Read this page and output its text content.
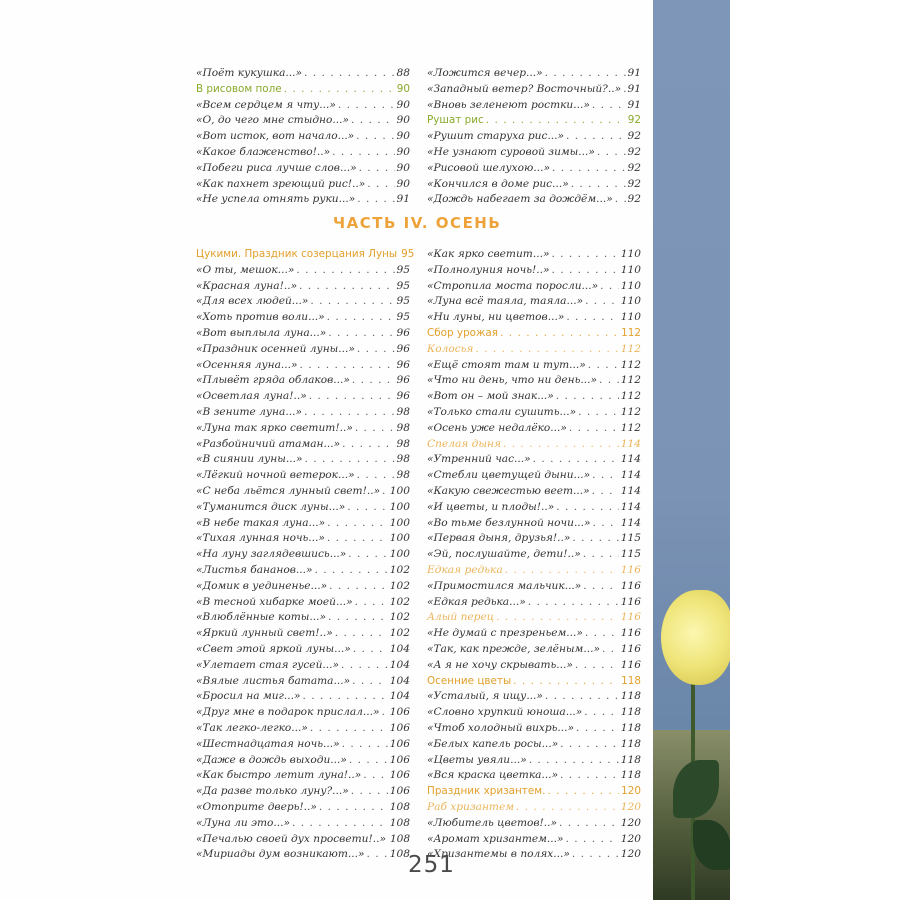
«Поёт кукушка...» . . .	88
В рисовом поле . . .	90
«Всем сердцем я чту...» . . .	90
«О, до чего мне стыдно...» . . .	90
«Вот исток, вот начало...» . . .	90
«Какое блаженство!..» . . .	90
«Побеги риса лучше слов...» . . .	90
«Как пахнет зреющий рис!..» . . .	90
«Не успела отнять руки...» . . .	91
«Ложится вечер...» . . .	91
«Западный ветер? Восточный?..» . . . 91
«Вновь зеленеют ростки...» . . .	91
Рушат рис . . .	92
«Рушит старуха рис...» . . .	92
«Не узнают суровой зимы...» . . .	92
«Рисовой шелухою...» . . .	92
«Кончился в доме рис...» . . .	92
«Дождь набегает за дождём...» . . . 92
ЧАСТЬ IV. ОСЕНЬ
Цукими. Праздник созерцания Луны 95
«О ты, мешок...» . . .	95
«Красная луна!..» . . .	95
«Для всех людей...» . . .	95
«Хоть против воли...» . . .	95
«Вот выплыла луна...» . . .	96
«Праздник осенней луны...» . . .	96
«Осенняя луна...» . . .	96
«Плывёт гряда облаков...» . . .	96
«Осветлая луна!..» . . .	96
«В зените луна...» . . .	98
«Луна так ярко светит!..» . . .	98
«Разбойничий атаман...» . . .	98
«В сиянии луны...» . . .	98
«Лёгкий ночной ветерок...» . . .	98
«С неба льётся лунный свет!..» . . . 100
«Туманится диск луны...» . . .	100
«В небе такая луна...» . . .	100
«Тихая лунная ночь...» . . .	100
«На луну заглядевшись...» . . .	100
«Листья бананов...» . . .	102
«Домик в уединенье...» . . .	102
«В тесной хибарке моей...» . . .	102
«Влюблённые коты...» . . .	102
«Яркий лунный свет!..» . . .	102
«Свет этой яркой луны...» . . .	104
«Улетает стая гусей...» . . .	104
«Вялые листья батата...» . . .	104
«Бросил на миг...» . . .	104
«Друг мне в подарок прислал...» . . . 106
«Так легко-легко...» . . .	106
«Шестнадцатая ночь...» . . .	106
«Даже в дождь выходи...» . . .	106
«Как быстро летит луна!..» . . .	106
«Да разве только луну?...» . . .	106
«Отоприте дверь!..» . . .	108
«Луна ли это...» . . .	108
«Печалью своей дух просвети!..» 108
«Мириады дум возникают...» . . . 108
«Как ярко светит...» . . .	110
«Полнолуния ночь!..» . . .	110
«Стропила моста поросли...» . . . 110
«Луна всё таяла, таяла...» . . .	110
«Ни луны, ни цветов...» . . .	110
Сбор урожая . . .	112
Колосья . . .	112
«Ещё стоят там и тут...» . . .	112
«Что ни день, что ни день...» . . . 112
«Вот он – мой знак...» . . .	112
«Только стали сушить...» . . .	112
«Осень уже недалёко...» . . .	112
Спелая дыня . . .	114
«Утренний час...» . . .	114
«Стебли цветущей дыни...» . . .	114
«Какую свежестью веет...» . . .	114
«И цветы, и плоды!..» . . .	114
«Во тьме безлунной ночи...» . . .	114
«Первая дыня, друзья!..» . . .	115
«Эй, послушайте, дети!..» . . .	115
Едкая редька . . .	116
«Примостился мальчик...» . . .	116
«Едкая редька...» . . .	116
Алый перец . . .	116
«Не думай с презреньем...» . . .	116
«Так, как прежде, зелёным...» . . . 116
«А я не хочу скрывать...» . . .	116
Осенние цветы . . .	118
«Усталый, я ищу...» . . .	118
«Словно хрупкий юноша...» . . .	118
«Чтоб холодный вихрь...» . . .	118
«Белых капель росы...» . . .	118
«Цветы увяли...» . . .	118
«Вся краска цветка...» . . .	118
Праздник хризантем. . . .	120
Раб хризантем . . .	120
«Любитель цветов!..» . . .	120
«Аромат хризантем...» . . .	120
«Хризантемы в полях...» . . .	120
251
